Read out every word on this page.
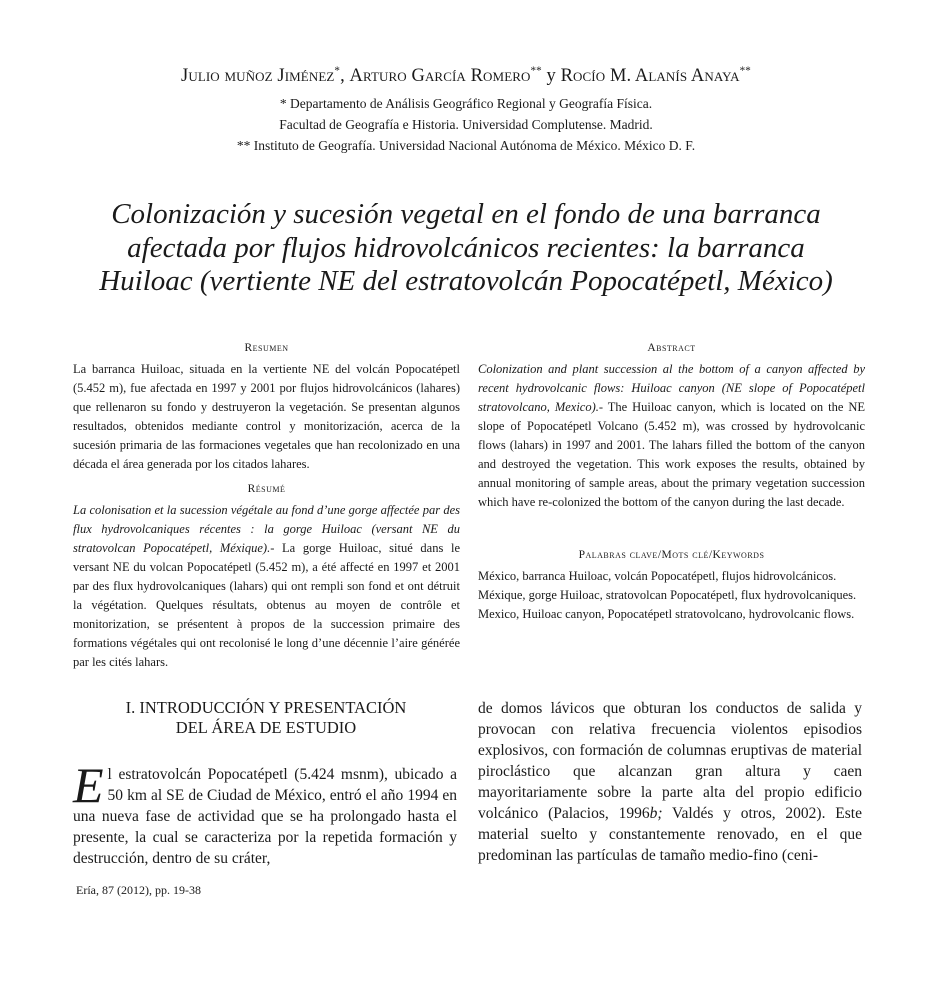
Julio muñoz Jiménez*, Arturo García Romero** y Rocío M. Alanís Anaya**
* Departamento de Análisis Geográfico Regional y Geografía Física.
Facultad de Geografía e Historia. Universidad Complutense. Madrid.
** Instituto de Geografía. Universidad Nacional Autónoma de México. México D. F.
Colonización y sucesión vegetal en el fondo de una barranca
afectada por flujos hidrovolcánicos recientes: la barranca
Huiloac (vertiente NE del estratovolcán Popocatépetl, México)

Resumen

La barranca Huiloac, situada en la vertiente NE del volcán Popocatépetl (5.452 m), fue afectada en 1997 y 2001 por flujos hidrovolcánicos (lahares) que rellenaron su fondo y destruyeron la vegetación. Se presentan algunos resultados, obtenidos mediante control y monitorización, acerca de la sucesión primaria de las formaciones vegetales que han recolonizado en una década el área generada por los citados lahares.

Résumé

La colonisation et la sucession végétale au fond d’une gorge affectée par des flux hydrovolcaniques récentes : la gorge Huiloac (versant NE du stratovolcan Popocatépetl, Méxique).- La gorge Huiloac, situé dans le versant NE du volcan Popocatépetl (5.452 m), a été affecté en 1997 et 2001 par des flux hydrovolcaniques (lahars) qui ont rempli son fond et ont détruit la végétation. Quelques résultats, obtenus au moyen de contrôle et monitorization, se présentent à propos de la succession primaire des formations végétales qui ont recolonisé le long d’une décennie l’aire générée par les cités lahars.

Abstract

Colonization and plant succession al the bottom of a canyon affected by recent hydrovolcanic flows: Huiloac canyon (NE slope of Popocatépetl stratovolcano, Mexico).- The Huiloac canyon, which is located on the NE slope of Popocatépetl Volcano (5.452 m), was crossed by hydrovolcanic flows (lahars) in 1997 and 2001. The lahars filled the bottom of the canyon and destroyed the vegetation. This work exposes the results, obtained by annual monitoring of sample areas, about the primary vegetation succession which have re-colonized the bottom of the canyon during the last decade.

Palabras clave/Mots clé/Keywords

México, barranca Huiloac, volcán Popocatépetl, flujos hidrovolcánicos.

Méxique, gorge Huiloac, stratovolcan Popocatépetl, flux hydrovolcaniques.

Mexico, Huiloac canyon, Popocatépetl stratovolcano, hydrovolcanic flows.

I. INTRODUCCIÓN Y PRESENTACIÓN
DEL ÁREA DE ESTUDIO
El estratovolcán Popocatépetl (5.424 msnm), ubicado a 50 km al SE de Ciudad de México, entró el año 1994 en una nueva fase de actividad que se ha prolongado hasta el presente, la cual se caracteriza por la repetida formación y destrucción, dentro de su cráter,
de domos lávicos que obturan los conductos de salida y provocan con relativa frecuencia violentos episodios explosivos, con formación de columnas eruptivas de material piroclástico que alcanzan gran altura y caen mayoritariamente sobre la parte alta del propio edificio volcánico (Palacios, 1996b; Valdés y otros, 2002). Este material suelto y constantemente renovado, en el que predominan las partículas de tamaño medio-fino (ceni-
Ería, 87 (2012), pp. 19-38
